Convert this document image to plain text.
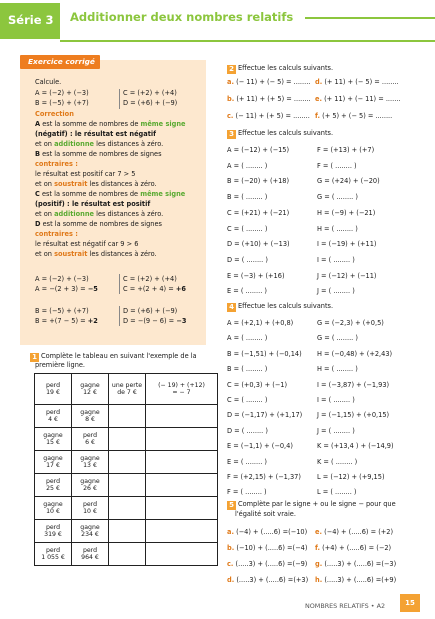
Série 3	Additionner deux nombres relatifs
Exercice corrigé
Calcule.
A = (−2) + (−3)	C = (+2) + (+4)
B = (−5) + (+7)	D = (+6) + (−9)
Correction
A est la somme de nombres de même signe
(négatif) : le résultat est négatif
et on additionne les distances à zéro.
B est la somme de nombres de signes
contraires :
le résultat est positif car 7 > 5
et on soustrait les distances à zéro.
C est la somme de nombres de même signe
(positif) : le résultat est positif
et on additionne les distances à zéro.
D est la somme de nombres de signes
contraires :
le résultat est négatif car 9 > 6
et on soustrait les distances à zéro.
A = (−2) + (−3)	C = (+2) + (+4)
A = −(2 + 3) = −5	C = +(2 + 4) = +6
B = (−5) + (+7)	D = (+6) + (−9)
B = +(7 − 5) = +2	D = −(9 − 6) = −3
1 Complète le tableau en suivant l'exemple de la
première ligne.
perd
19 €	gagne
12 €	une perte
de 7 €	(− 19) + (+12)
= − 7
perd
4 €	gagne
8 €		
gagne
15 €	perd
6 €		
gagne
17 €	gagne
13 €		
perd
25 €	gagne
26 €		
gagne
10 €	perd
10 €		
perd
319 €	gagne
234 €		
perd
1 055 €	perd
964 €		
2 Effectue les calculs suivants.
a. (− 11) + (− 5) = ........ d. (+ 11) + (− 5) = ........
b. (+ 11) + (+ 5) = ........ e. (+ 11) + (− 11) = .......
c. (− 11) + (+ 5) = ........ f. (+ 5) + (− 5) = ........
3 Effectue les calculs suivants.
A = (−12) + (−15)
A = ( ........ )
B = (−20) + (+18)
B = ( ........ )
C = (+21) + (−21)
C = ( ........ )
D = (+10) + (−13)
D = ( ........ )
E = (−3) + (+16)
E = ( ........ )
F = (+13) + (+7)
F = ( ........ )
G = (+24) + (−20)
G = ( ........ )
H = (−9) + (−21)
H = ( ........ )
I = (−19) + (+11)
I = ( ........ )
J = (−12) + (−11)
J = ( ........ )
4 Effectue les calculs suivants.
A = (+2,1) + (+0,8)
A = ( ........ )
B = (−1,51) + (−0,14)
B = ( ........ )
C = (+0,3) + (−1)
C = ( ........ )
D = (−1,17) + (+1,17)
D = ( ........ )
E = (−1,1) + (−0,4)
E = ( ........ )
F = (+2,15) + (−1,37)
F = ( ........ )
G = (−2,3) + (+0,5)
G = ( ........ )
H = (−0,48) + (+2,43)
H = ( ........ )
I = (−3,87) + (−1,93)
I = ( ........ )
J = (−1,15) + (+0,15)
J = ( ........ )
K = (+13,4 ) + (−14,9)
K = ( ........ )
L = (−12) + (+9,15)
L = ( ........ )
5 Complète par le signe + ou le signe − pour que
l'égalité soit vraie.
a. (−4) + (.....6) =(−10) e. (−4) + (.....6) = (+2)
b. (−10) + (.....6) =(−4) f. (+4) + (.....6) = (−2)
c. (.....3) + (.....6) =(−9) g. (.....3) + (.....6) =(−3)
d. (.....3) + (.....6) =(+3) h. (.....3) + (.....6) =(+9)
NOMBRES RELATIFS • A2	15
